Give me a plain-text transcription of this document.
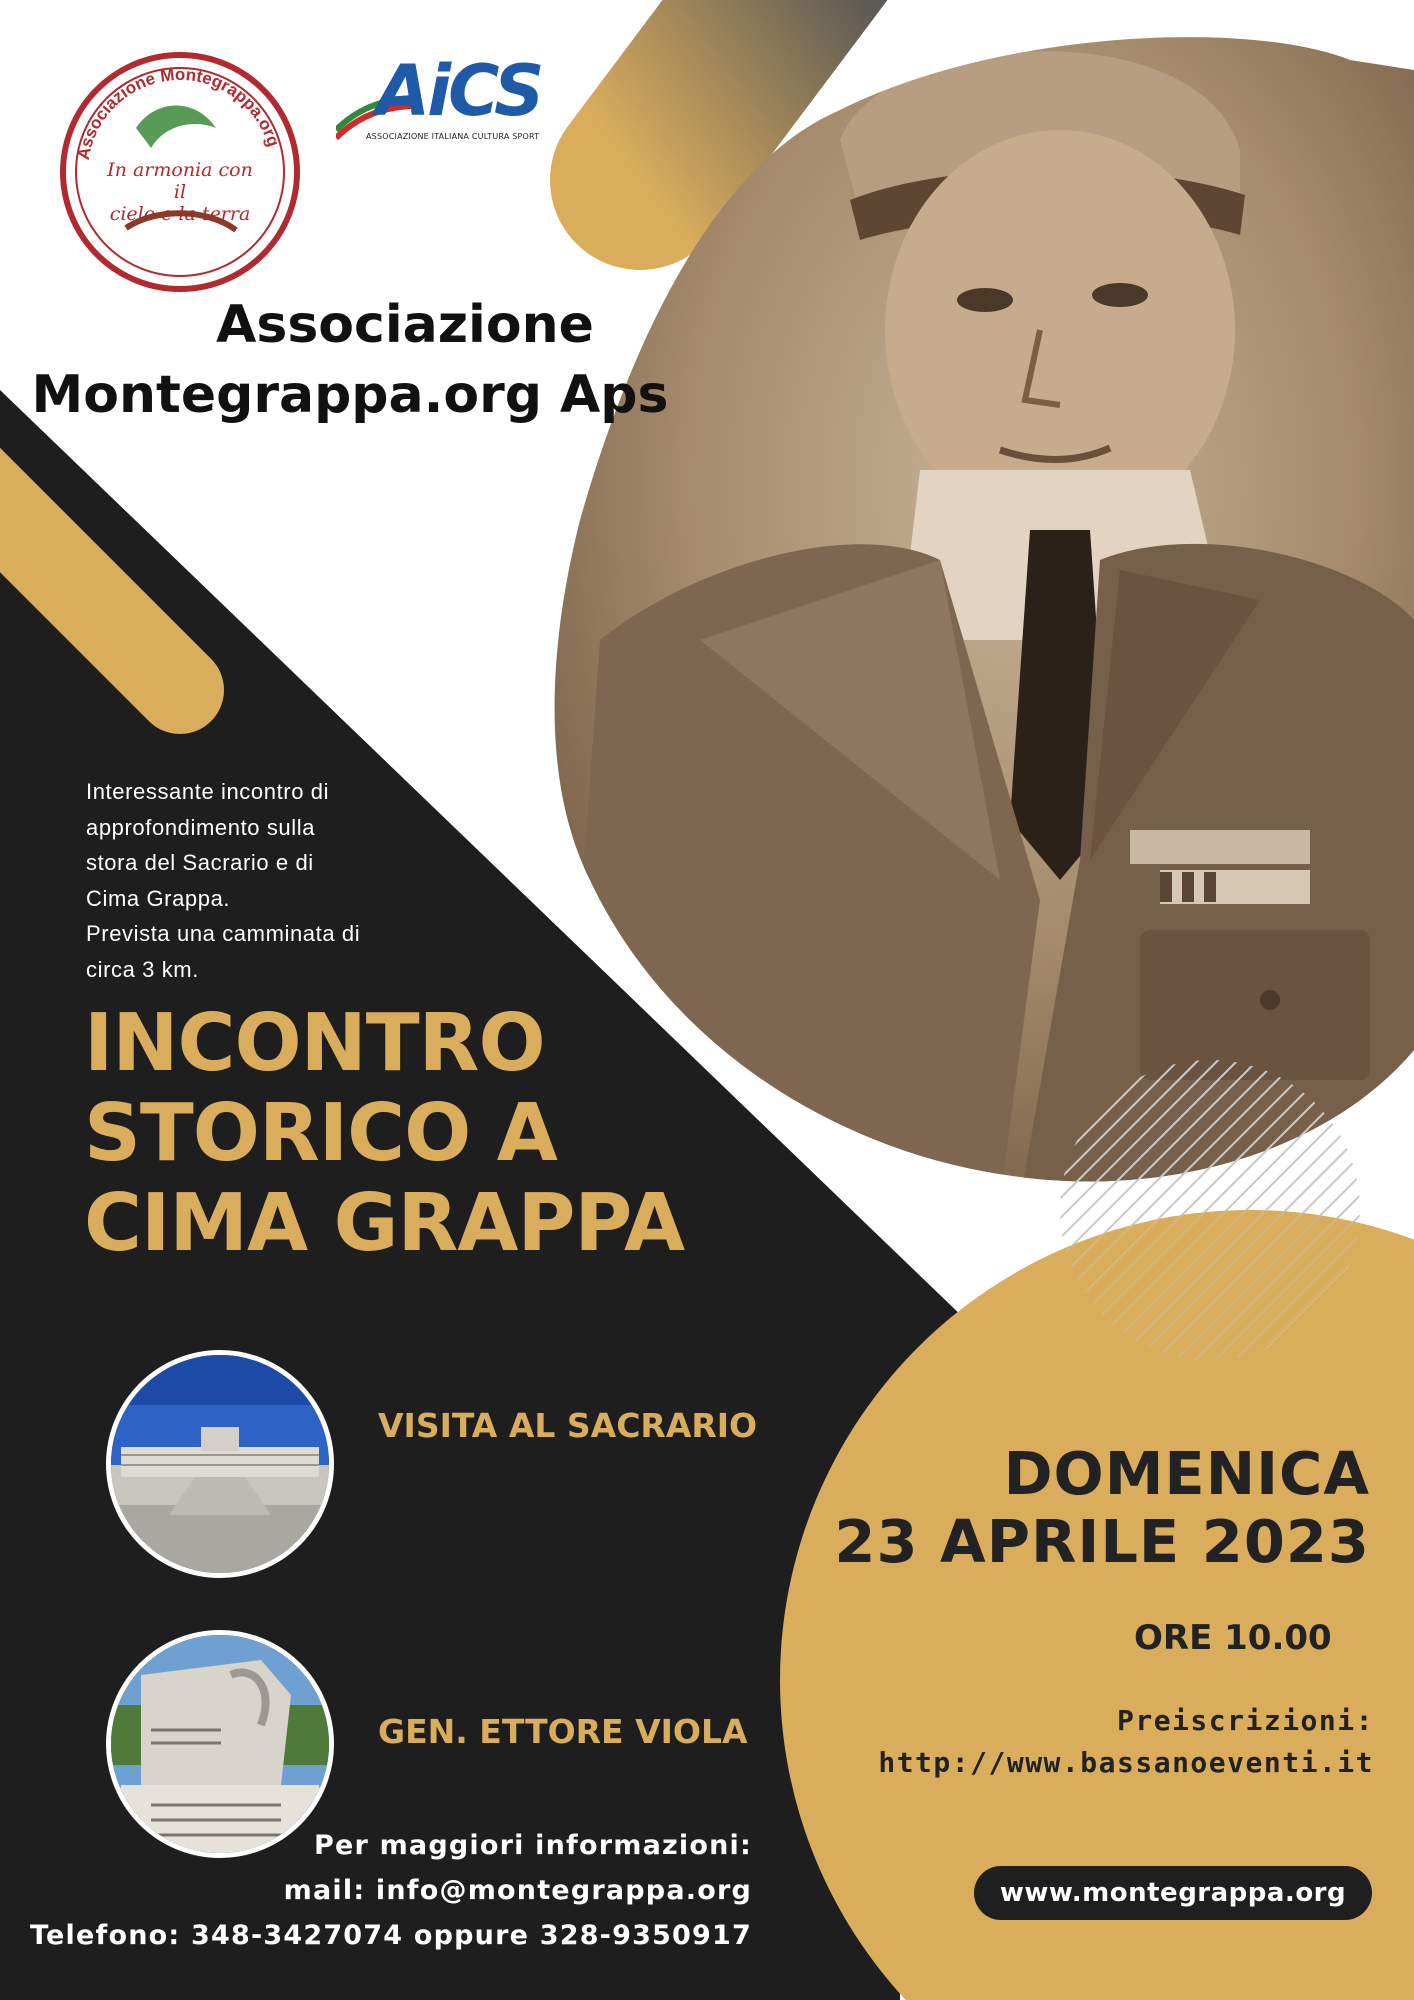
Associazione Montegrappa.org
In armonia con il
cielo e la terra
AiCS
ASSOCIAZIONE ITALIANA CULTURA SPORT
Associazione
Montegrappa.org Aps
Interessante incontro di
approfondimento sulla
stora del Sacrario e di
Cima Grappa.
Prevista una camminata di
circa 3 km.
INCONTRO
STORICO A
CIMA GRAPPA
VISITA AL SACRARIO
GEN. ETTORE VIOLA
Per maggiori informazioni:
mail: info@montegrappa.org
Telefono: 348-3427074 oppure 328-9350917
DOMENICA
23 APRILE 2023
ORE 10.00
Preiscrizioni:
http://www.bassanoeventi.it
www.montegrappa.org
